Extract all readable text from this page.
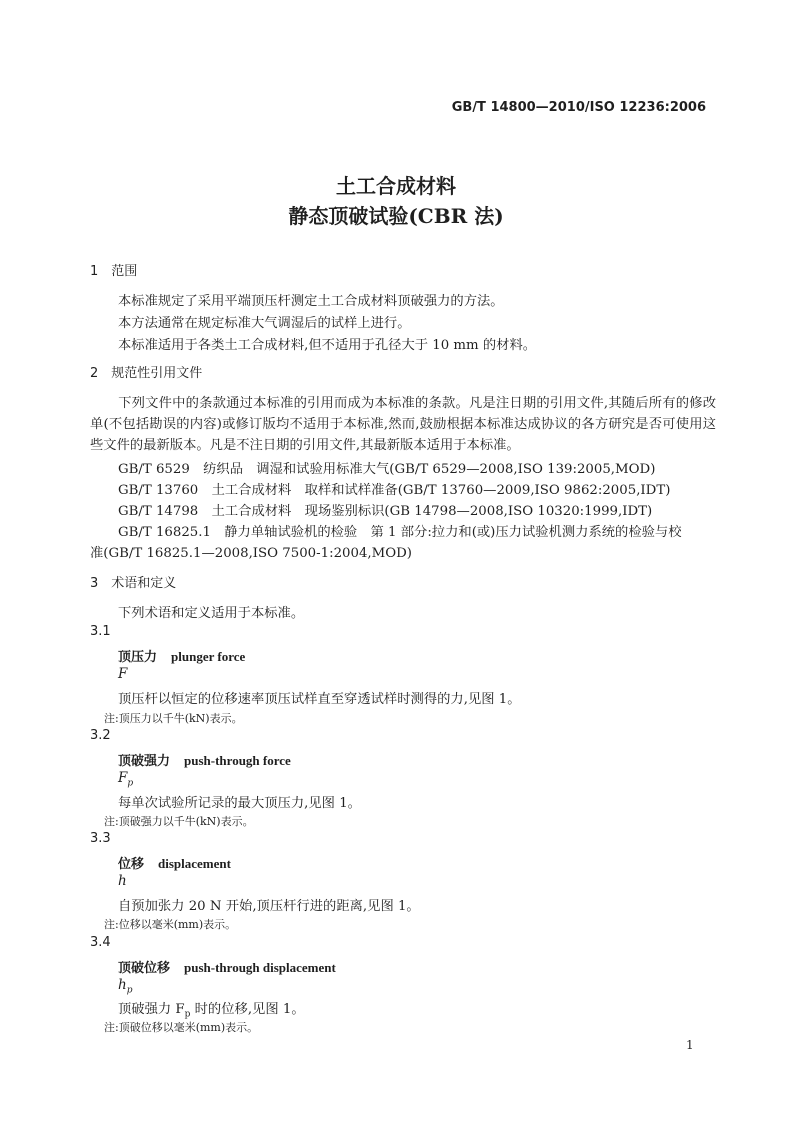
GB/T 14800—2010/ISO 12236:2006
土工合成材料
静态顶破试验(CBR 法)
1　范围
本标准规定了采用平端顶压杆测定土工合成材料顶破强力的方法。
本方法通常在规定标准大气调湿后的试样上进行。
本标准适用于各类土工合成材料,但不适用于孔径大于 10 mm 的材料。
2　规范性引用文件
下列文件中的条款通过本标准的引用而成为本标准的条款。凡是注日期的引用文件,其随后所有的修改单(不包括勘误的内容)或修订版均不适用于本标准,然而,鼓励根据本标准达成协议的各方研究是否可使用这些文件的最新版本。凡是不注日期的引用文件,其最新版本适用于本标准。
GB/T 6529　纺织品　调湿和试验用标准大气(GB/T 6529—2008,ISO 139:2005,MOD)
GB/T 13760　土工合成材料　取样和试样准备(GB/T 13760—2009,ISO 9862:2005,IDT)
GB/T 14798　土工合成材料　现场鉴别标识(GB 14798—2008,ISO 10320:1999,IDT)
GB/T 16825.1　静力单轴试验机的检验　第 1 部分:拉力和(或)压力试验机测力系统的检验与校
准(GB/T 16825.1—2008,ISO 7500-1:2004,MOD)
3　术语和定义
下列术语和定义适用于本标准。
3.1
顶压力 plunger force
F
顶压杆以恒定的位移速率顶压试样直至穿透试样时测得的力,见图 1。
注:顶压力以千牛(kN)表示。
3.2
顶破强力 push-through force
$F_p$
每单次试验所记录的最大顶压力,见图 1。
注:顶破强力以千牛(kN)表示。
3.3
位移 displacement
h
自预加张力 20 N 开始,顶压杆行进的距离,见图 1。
注:位移以毫米(mm)表示。
3.4
顶破位移 push-through displacement
$h_p$
顶破强力 $F_p$ 时的位移,见图 1。
注:顶破位移以毫米(mm)表示。
1
